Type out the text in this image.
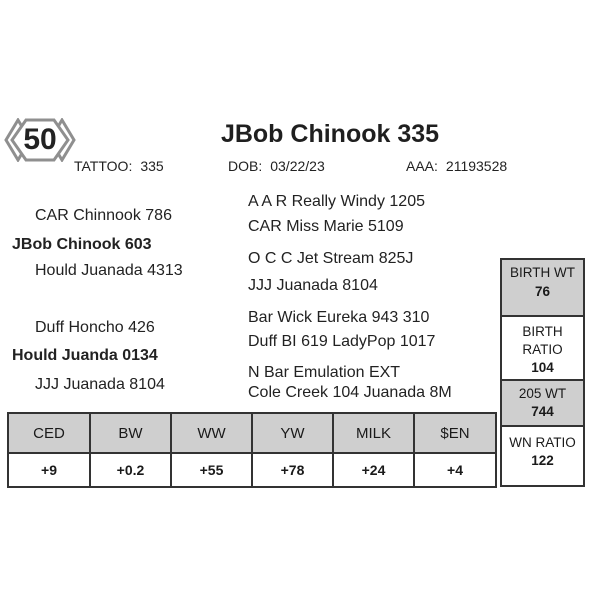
50	JBob Chinook 335
TATTOO: 335	DOB: 03/22/23	AAA: 21193528
CAR Chinnook 786
JBob Chinook 603
Hould Juanada 4313
Duff Honcho 426
Hould Juanda 0134
JJJ Juanada 8104
A A R Really Windy 1205
CAR Miss Marie 5109
O C C Jet Stream 825J
JJJ Juanada 8104
Bar Wick Eureka 943 310
Duff BI 619 LadyPop 1017
N Bar Emulation EXT
Cole Creek 104 Juanada 8M
CED	BW	WW	YW	MILK	$EN
+9	+0.2	+55	+78	+24	+4
BIRTH WT
76
BIRTH
RATIO
104
205 WT
744
WN RATIO
122
